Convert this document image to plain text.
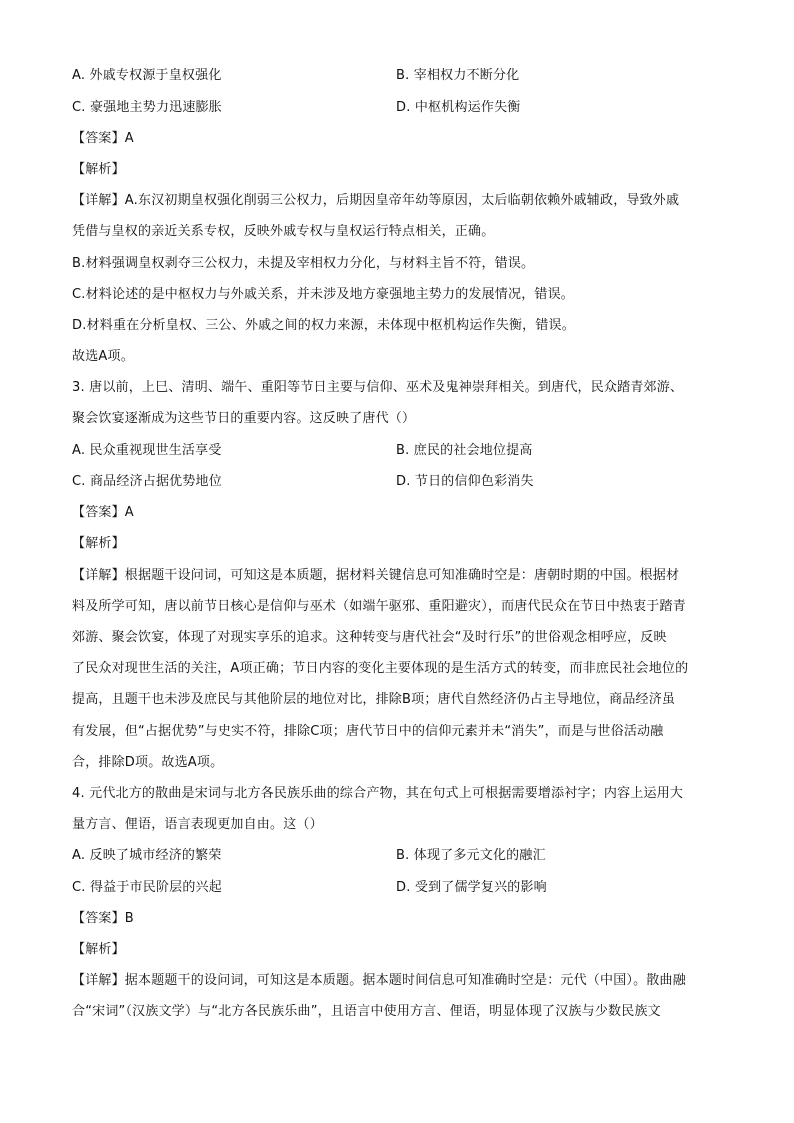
A. 外戚专权源于皇权强化	B. 宰相权力不断分化
C. 豪强地主势力迅速膨胀	D. 中枢机构运作失衡
【答案】A
【解析】
【详解】A.东汉初期皇权强化削弱三公权力，后期因皇帝年幼等原因，太后临朝依赖外戚辅政，导致外戚
凭借与皇权的亲近关系专权，反映外戚专权与皇权运行特点相关，正确。
B.材料强调皇权剥夺三公权力，未提及宰相权力分化，与材料主旨不符，错误。
C.材料论述的是中枢权力与外戚关系，并未涉及地方豪强地主势力的发展情况，错误。
D.材料重在分析皇权、三公、外戚之间的权力来源，未体现中枢机构运作失衡，错误。
故选A项。
3. 唐以前，上巳、清明、端午、重阳等节日主要与信仰、巫术及鬼神崇拜相关。到唐代，民众踏青郊游、
聚会饮宴逐渐成为这些节日的重要内容。这反映了唐代（）
A. 民众重视现世生活享受	B. 庶民的社会地位提高
C. 商品经济占据优势地位	D. 节日的信仰色彩消失
【答案】A
【解析】
【详解】根据题干设问词，可知这是本质题，据材料关键信息可知准确时空是：唐朝时期的中国。根据材
料及所学可知，唐以前节日核心是信仰与巫术（如端午驱邪、重阳避灾），而唐代民众在节日中热衷于踏青
郊游、聚会饮宴，体现了对现实享乐的追求。这种转变与唐代社会“及时行乐”的世俗观念相呼应，反映
了民众对现世生活的关注，A项正确；节日内容的变化主要体现的是生活方式的转变，而非庶民社会地位的
提高，且题干也未涉及庶民与其他阶层的地位对比，排除B项；唐代自然经济仍占主导地位，商品经济虽
有发展，但“占据优势”与史实不符，排除C项；唐代节日中的信仰元素并未“消失”，而是与世俗活动融
合，排除D项。故选A项。
4. 元代北方的散曲是宋词与北方各民族乐曲的综合产物，其在句式上可根据需要增添衬字；内容上运用大
量方言、俚语，语言表现更加自由。这（）
A. 反映了城市经济的繁荣	B. 体现了多元文化的融汇
C. 得益于市民阶层的兴起	D. 受到了儒学复兴的影响
【答案】B
【解析】
【详解】据本题题干的设问词，可知这是本质题。据本题时间信息可知准确时空是：元代（中国）。散曲融
合“宋词”（汉族文学）与“北方各民族乐曲”，且语言中使用方言、俚语，明显体现了汉族与少数民族文
